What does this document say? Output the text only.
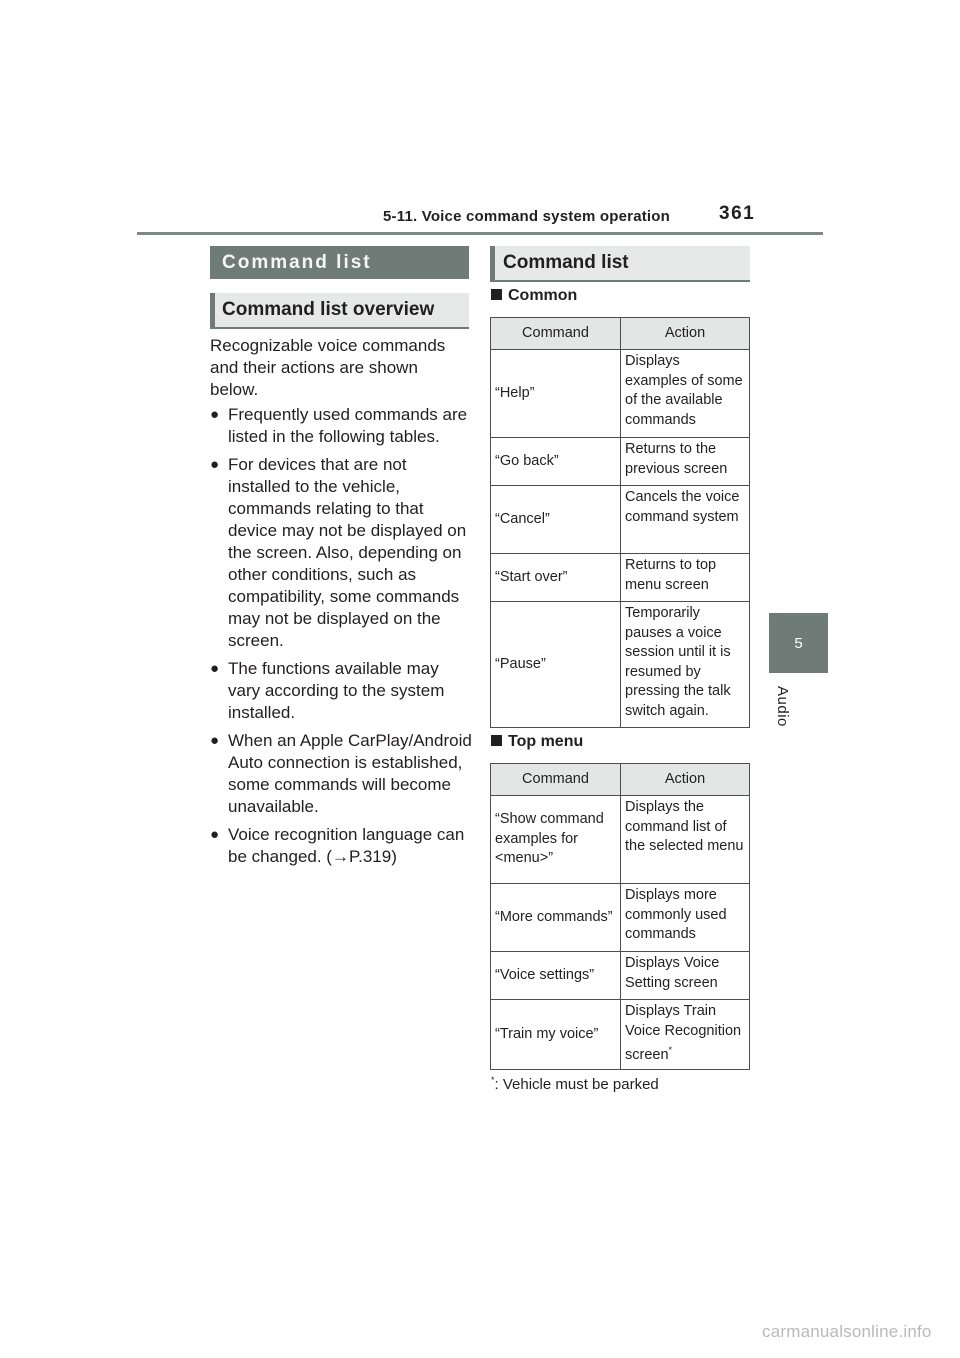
5-11. Voice command system operation	361
5
Audio
Command list
Command list overview
Recognizable voice commands and their actions are shown below.
● Frequently used commands are listed in the following tables.
● For devices that are not installed to the vehicle, commands relating to that device may not be displayed on the screen. Also, depending on other conditions, such as compatibility, some commands may not be displayed on the screen.
● The functions available may vary according to the system installed.
● When an Apple CarPlay/Android Auto connection is established, some commands will become unavailable.
● Voice recognition language can be changed. (→P.319)
Command list
Common
Command	Action
“Help”	Displays examples of some of the available commands
“Go back”	Returns to the previous screen
“Cancel”	Cancels the voice command system
“Start over”	Returns to top menu screen
“Pause”	Temporarily pauses a voice session until it is resumed by pressing the talk switch again.
Top menu
Command	Action
“Show command examples for <menu>”	Displays the command list of the selected menu
“More commands”	Displays more commonly used commands
“Voice settings”	Displays Voice Setting screen
“Train my voice”	Displays Train Voice Recognition screen*
*: Vehicle must be parked
carmanualsonline.info
